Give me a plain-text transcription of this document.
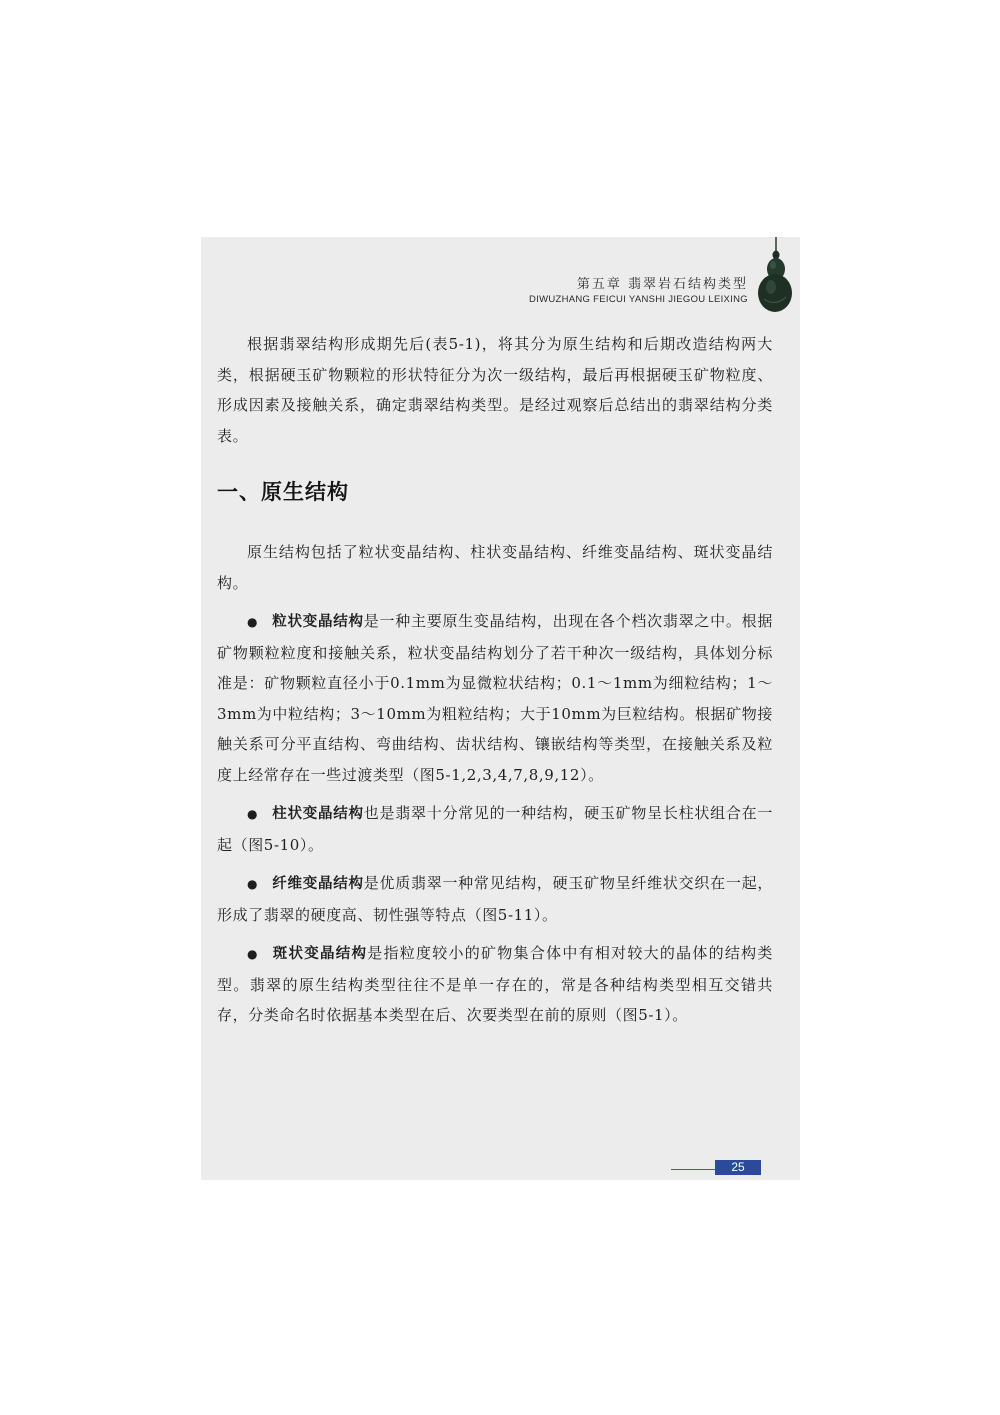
第五章 翡翠岩石结构类型
DIWUZHANG FEICUI YANSHI JIEGOU LEIXING

根据翡翠结构形成期先后(表5-1)，将其分为原生结构和后期改造结构两大类，根据硬玉矿物颗粒的形状特征分为次一级结构，最后再根据硬玉矿物粒度、形成因素及接触关系，确定翡翠结构类型。是经过观察后总结出的翡翠结构分类表。

一、原生结构

原生结构包括了粒状变晶结构、柱状变晶结构、纤维变晶结构、斑状变晶结构。

● 粒状变晶结构是一种主要原生变晶结构，出现在各个档次翡翠之中。根据矿物颗粒粒度和接触关系，粒状变晶结构划分了若干种次一级结构，具体划分标准是：矿物颗粒直径小于0.1mm为显微粒状结构；0.1～1mm为细粒结构；1～3mm为中粒结构；3～10mm为粗粒结构；大于10mm为巨粒结构。根据矿物接触关系可分平直结构、弯曲结构、齿状结构、镶嵌结构等类型，在接触关系及粒度上经常存在一些过渡类型（图5-1,2,3,4,7,8,9,12）。

● 柱状变晶结构也是翡翠十分常见的一种结构，硬玉矿物呈长柱状组合在一起（图5-10）。

● 纤维变晶结构是优质翡翠一种常见结构，硬玉矿物呈纤维状交织在一起，形成了翡翠的硬度高、韧性强等特点（图5-11）。

● 斑状变晶结构是指粒度较小的矿物集合体中有相对较大的晶体的结构类型。翡翠的原生结构类型往往不是单一存在的，常是各种结构类型相互交错共存，分类命名时依据基本类型在后、次要类型在前的原则（图5-1）。

25
